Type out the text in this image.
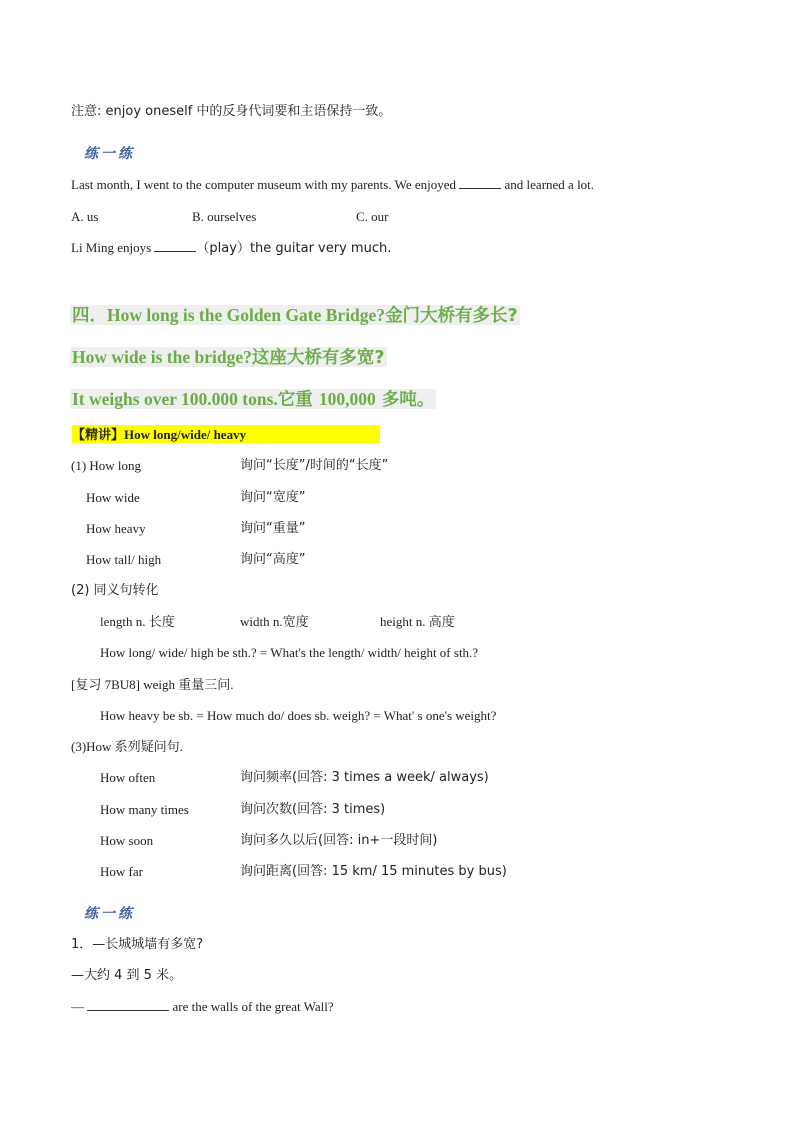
注意: enjoy oneself 中的反身代词要和主语保持一致。
练一练
Last month, I went to the computer museum with my parents. We enjoyed	and learned a lot.
A. us	B. ourselves	C. our
Li Ming enjoys	（play）the guitar very much.
四．How long is the Golden Gate Bridge?金门大桥有多长?
How wide is the bridge?这座大桥有多宽?
It weighs over 100.000 tons.它重 100,000 多吨。
【精讲】How long/wide/ heavy
(1) How long	询问“长度”/时间的“长度”
How wide	询问“宽度”
How heavy	询问“重量”
How tall/ high	询问“高度”
(2) 同义句转化
length n. 长度	width n.宽度	height n. 高度
How long/ wide/ high be sth.? = What's the length/ width/ height of sth.?
[复习 7BU8] weigh 重量三问.
How heavy be sb. = How much do/ does sb. weigh? = What' s one's weight?
(3)How 系列疑问句.
How often	询问频率(回答: 3 times a week/ always)
How many times	询问次数(回答: 3 times)
How soon	询问多久以后(回答: in+一段时间)
How far	询问距离(回答: 15 km/ 15 minutes by bus)
练一练
1．—长城城墙有多宽?
—大约 4 到 5 米。
—	are the walls of the great Wall?
